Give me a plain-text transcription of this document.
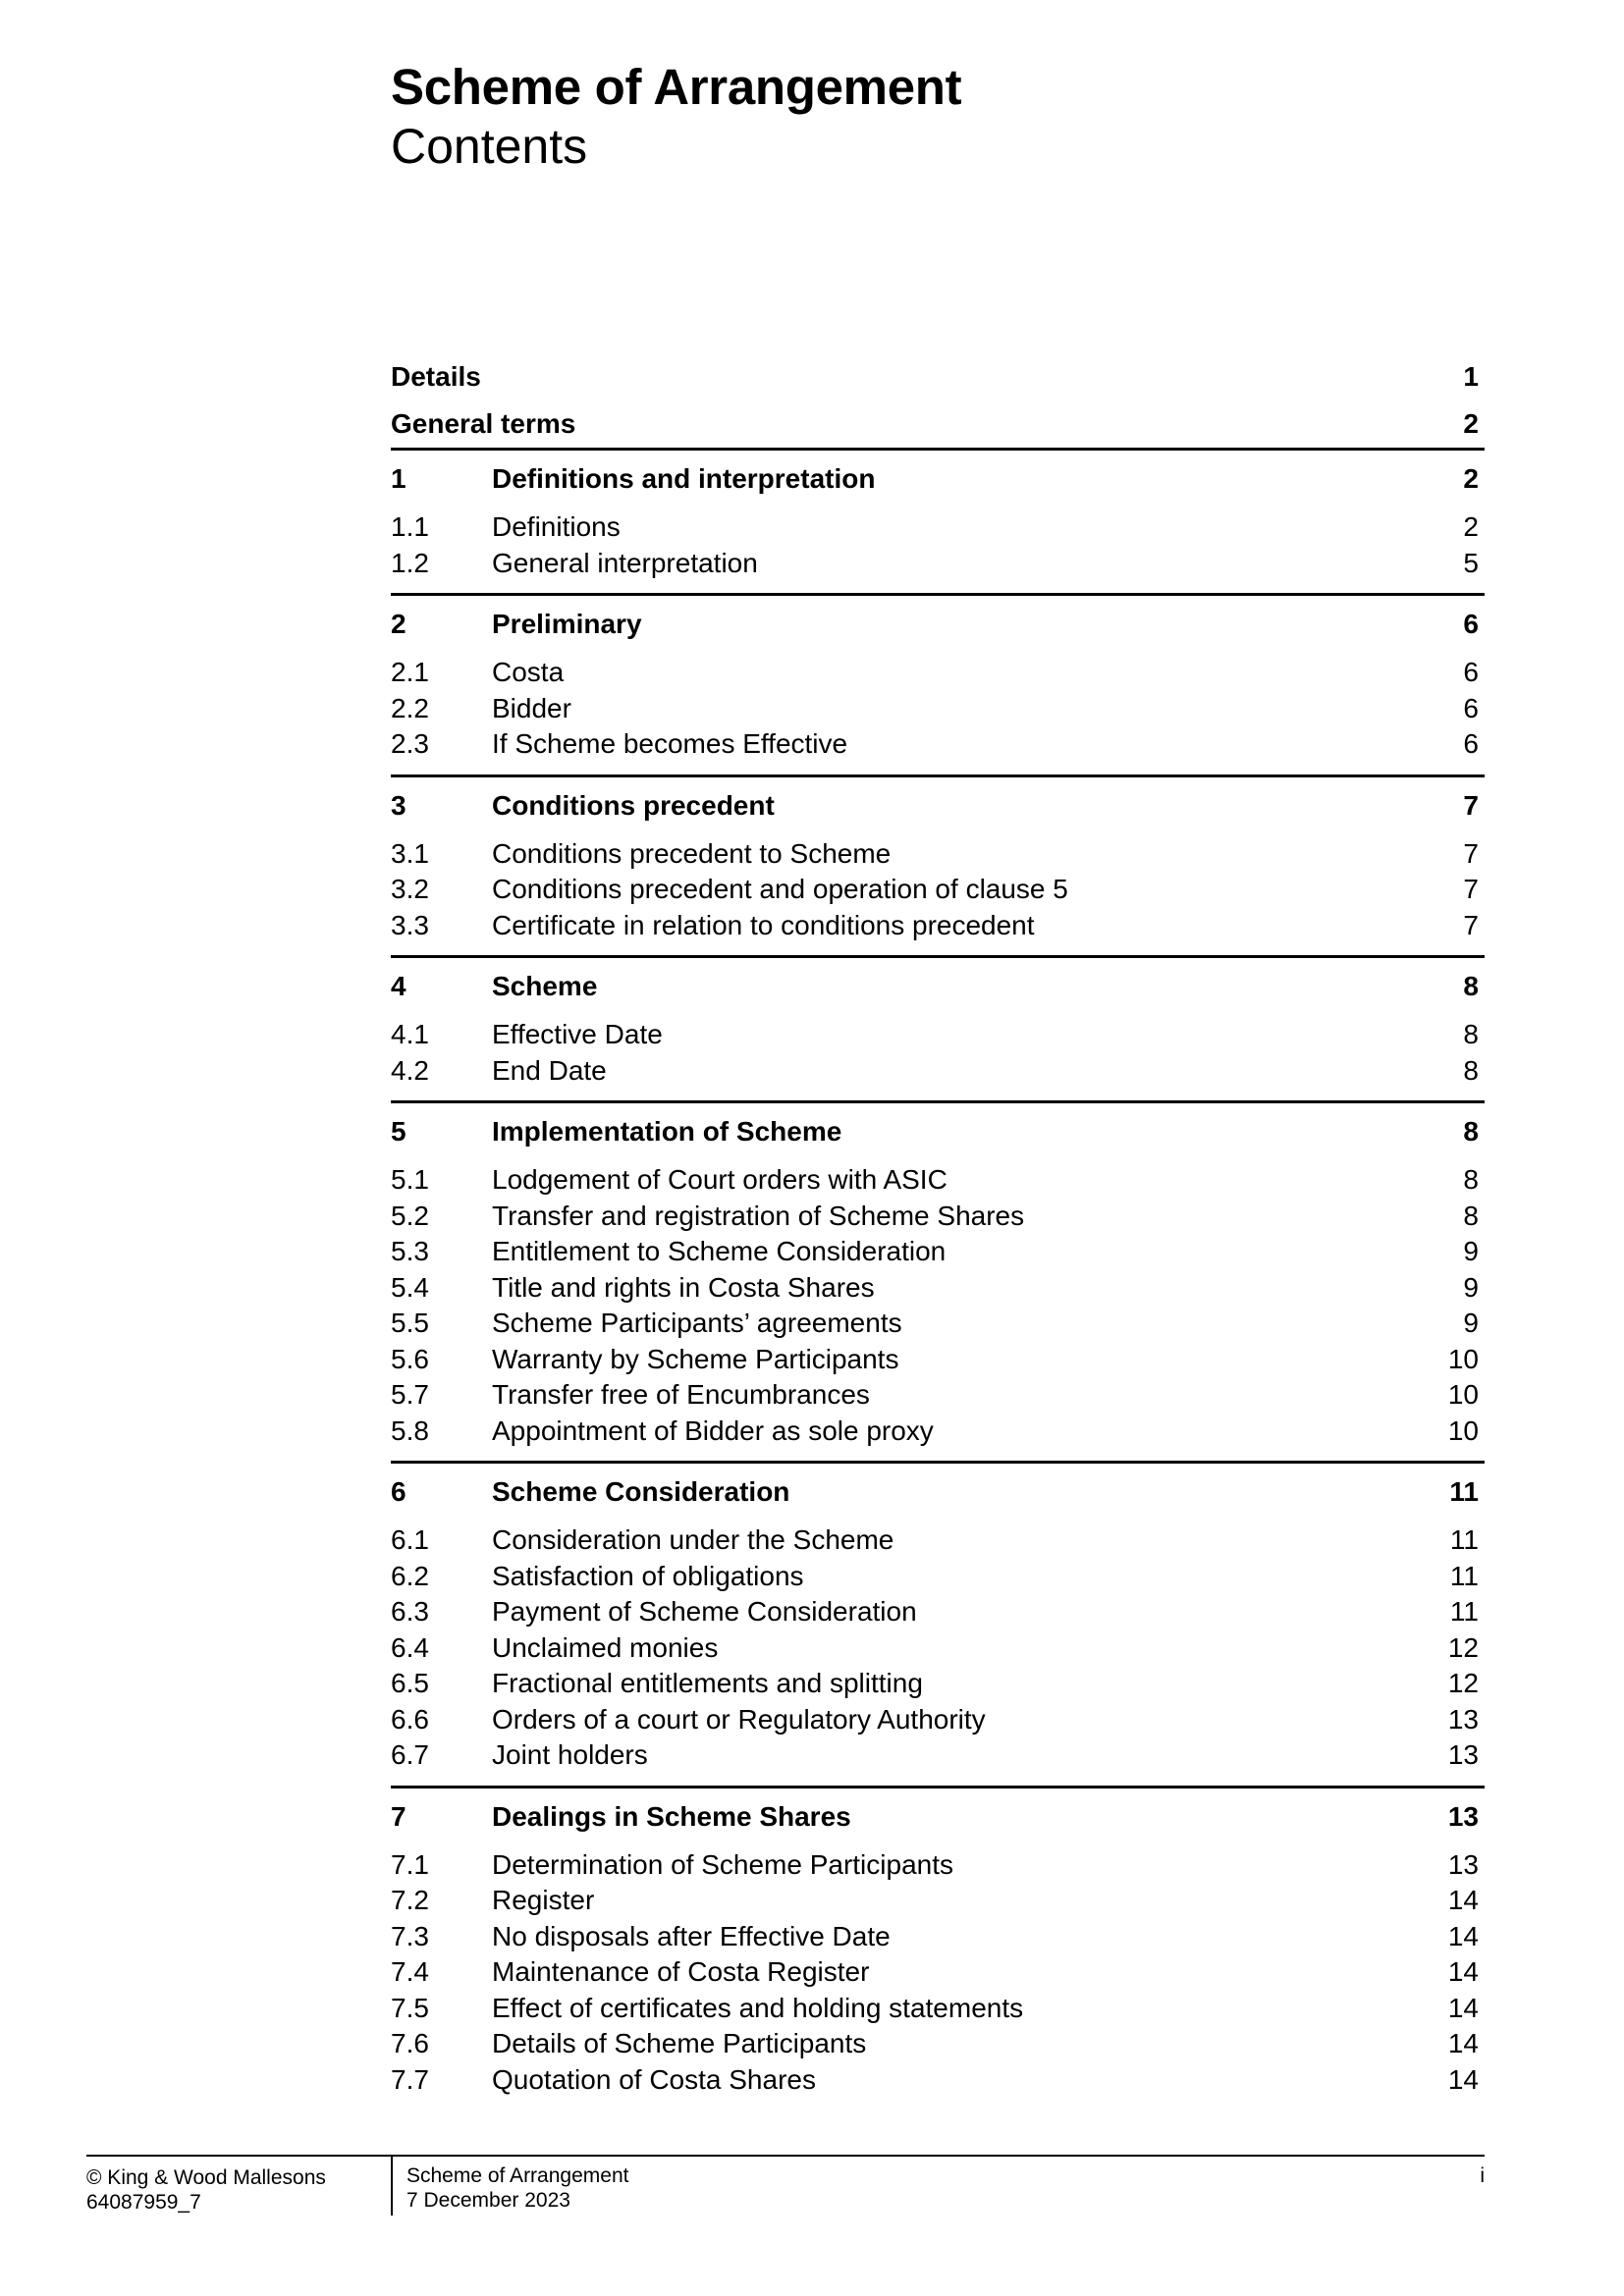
Scheme of Arrangement
Contents
Details	1
General terms	2
1	Definitions and interpretation	2
1.1 Definitions	2
1.2 General interpretation	5
2	Preliminary	6
2.1 Costa	6
2.2 Bidder	6
2.3 If Scheme becomes Effective	6
3	Conditions precedent	7
3.1 Conditions precedent to Scheme	7
3.2 Conditions precedent and operation of clause 5	7
3.3 Certificate in relation to conditions precedent	7
4	Scheme	8
4.1 Effective Date	8
4.2 End Date	8
5	Implementation of Scheme	8
5.1 Lodgement of Court orders with ASIC	8
5.2 Transfer and registration of Scheme Shares	8
5.3 Entitlement to Scheme Consideration	9
5.4 Title and rights in Costa Shares	9
5.5 Scheme Participants’ agreements	9
5.6 Warranty by Scheme Participants	10
5.7 Transfer free of Encumbrances	10
5.8 Appointment of Bidder as sole proxy	10
6	Scheme Consideration	11
6.1 Consideration under the Scheme	11
6.2 Satisfaction of obligations	11
6.3 Payment of Scheme Consideration	11
6.4 Unclaimed monies	12
6.5 Fractional entitlements and splitting	12
6.6 Orders of a court or Regulatory Authority	13
6.7 Joint holders	13
7	Dealings in Scheme Shares	13
7.1 Determination of Scheme Participants	13
7.2 Register	14
7.3 No disposals after Effective Date	14
7.4 Maintenance of Costa Register	14
7.5 Effect of certificates and holding statements	14
7.6 Details of Scheme Participants	14
7.7 Quotation of Costa Shares	14
© King & Wood Mallesons
64087959_7
Scheme of Arrangement
7 December 2023
i
